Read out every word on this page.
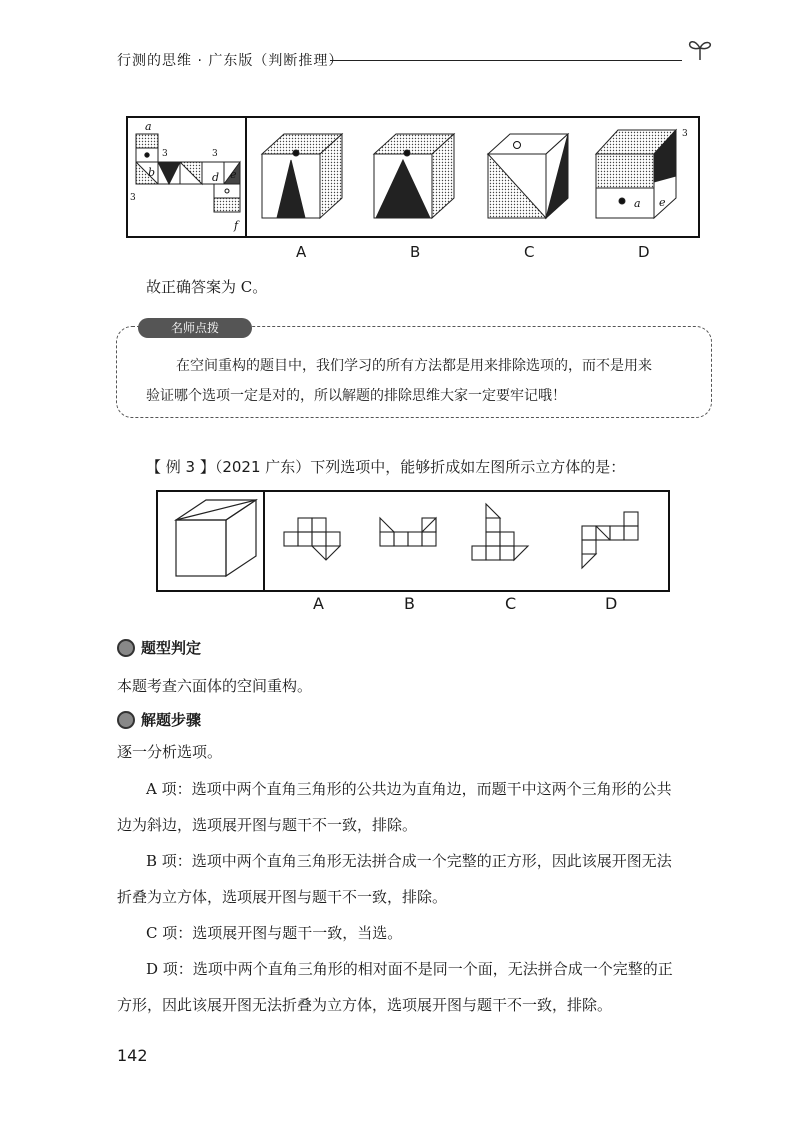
行测的思维 · 广东版（判断推理）
a
b	d e
f
3	3
3	a e
3
A	B	C	D
故正确答案为 C。
名师点拨
在空间重构的题目中，我们学习的所有方法都是用来排除选项的，而不是用来
验证哪个选项一定是对的，所以解题的排除思维大家一定要牢记哦！
【 例 3 】（2021 广东）下列选项中，能够折成如左图所示立方体的是：
A	B	C	D
题型判定
本题考查六面体的空间重构。
解题步骤
逐一分析选项。
A 项：选项中两个直角三角形的公共边为直角边，而题干中这两个三角形的公共
边为斜边，选项展开图与题干不一致，排除。
B 项：选项中两个直角三角形无法拼合成一个完整的正方形，因此该展开图无法
折叠为立方体，选项展开图与题干不一致，排除。
C 项：选项展开图与题干一致，当选。
D 项：选项中两个直角三角形的相对面不是同一个面，无法拼合成一个完整的正
方形，因此该展开图无法折叠为立方体，选项展开图与题干不一致，排除。
142
